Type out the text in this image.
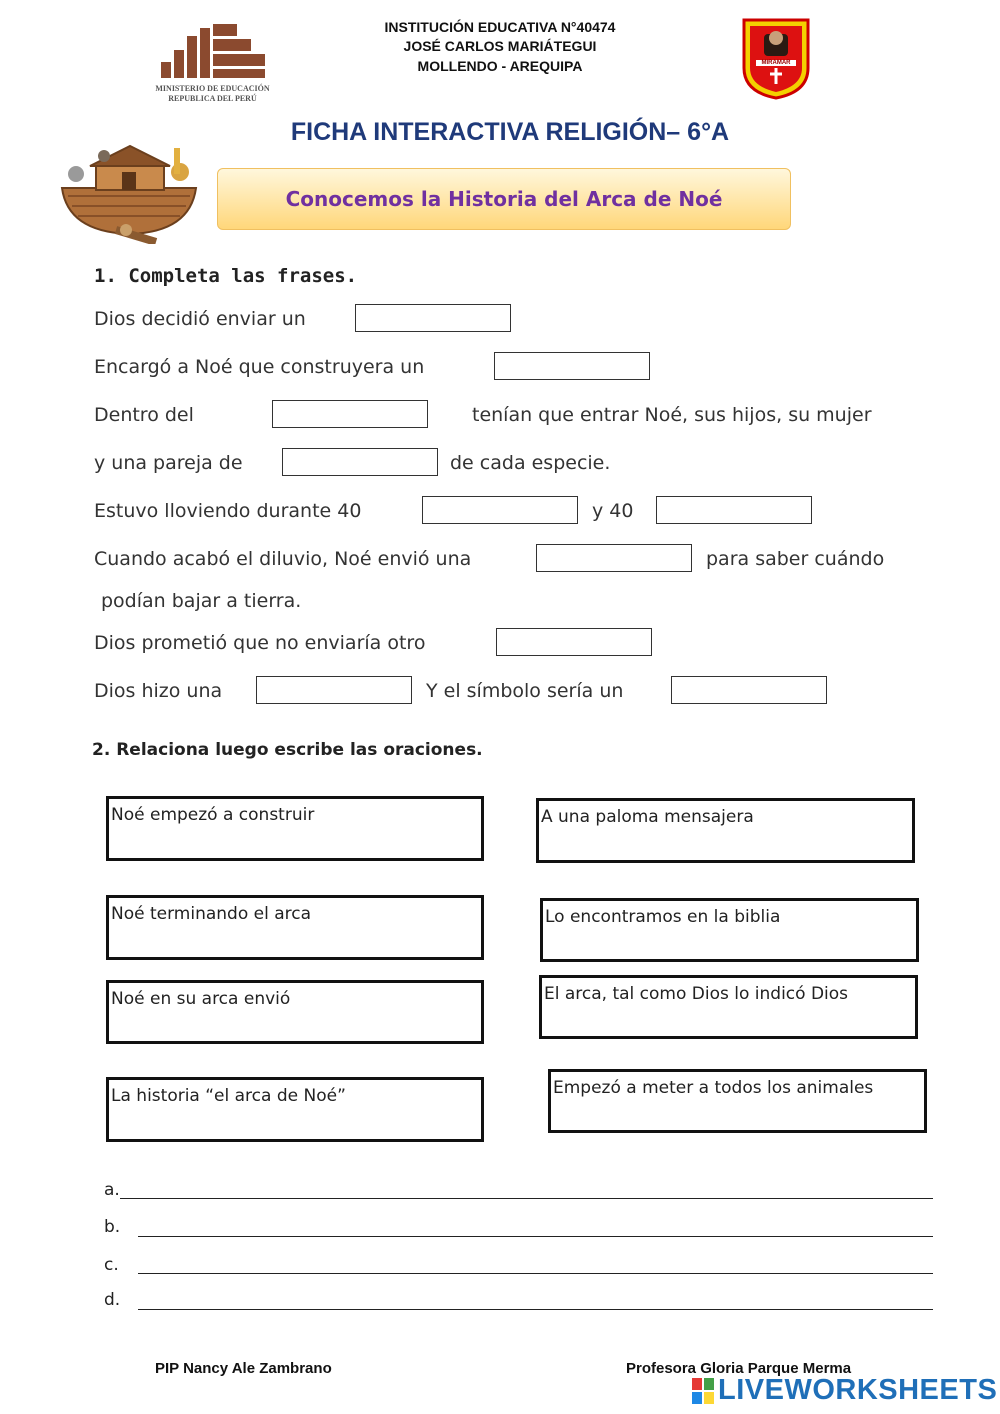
MINISTERIO DE EDUCACIÓN
REPUBLICA DEL PERÚ
INSTITUCIÓN EDUCATIVA N°40474
JOSÉ CARLOS MARIÁTEGUI
MOLLENDO - AREQUIPA	MIRAMAR
FICHA INTERACTIVA RELIGIÓN– 6°A
Conocemos la Historia del Arca de Noé
1. Completa las frases.
Dios decidió enviar un
Encargó a Noé que construyera un
Dentro del	tenían que entrar Noé, sus hijos, su mujer
y una pareja de	de cada especie.
Estuvo lloviendo durante 40	y 40
Cuando acabó el diluvio, Noé envió una	para saber cuándo
podían bajar a tierra.
Dios prometió que no enviaría otro
Dios hizo una	Y el símbolo sería un
2. Relaciona luego escribe las oraciones.
Noé empezó a construir
Noé terminando el arca
Noé en su arca envió
La historia “el arca de Noé”
A una paloma mensajera
Lo encontramos en la biblia
El arca, tal como Dios lo indicó Dios
Empezó a meter a todos los animales
a.
b.
c.
d.
PIP Nancy Ale Zambrano	Profesora Gloria Parque Merma
LIVEWORKSHEETS
